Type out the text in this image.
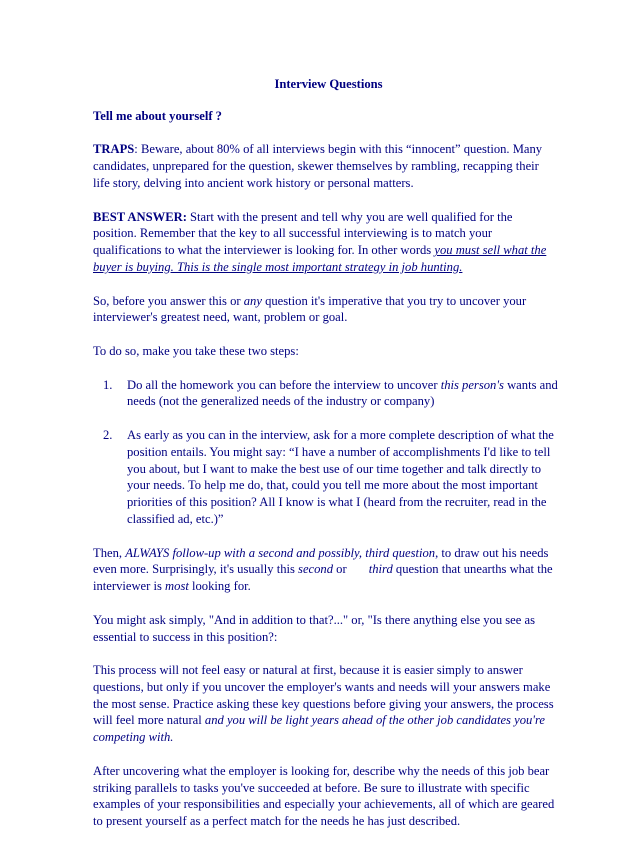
Interview Questions

Tell me about yourself ?

TRAPS: Beware, about 80% of all interviews begin with this “innocent” question. Many candidates, unprepared for the question, skewer themselves by rambling, recapping their life story, delving into ancient work history or personal matters.

BEST ANSWER: Start with the present and tell why you are well qualified for the position. Remember that the key to all successful interviewing is to match your qualifications to what the interviewer is looking for. In other words you must sell what the buyer is buying. This is the single most important strategy in job hunting.

So, before you answer this or any question it's imperative that you try to uncover your interviewer's greatest need, want, problem or goal.

To do so, make you take these two steps:

1. Do all the homework you can before the interview to uncover this person's wants and needs (not the generalized needs of the industry or company)
2. As early as you can in the interview, ask for a more complete description of what the position entails. You might say: “I have a number of accomplishments I'd like to tell you about, but I want to make the best use of our time together and talk directly to your needs. To help me do, that, could you tell me more about the most important priorities of this position? All I know is what I (heard from the recruiter, read in the classified ad, etc.)”

Then, ALWAYS follow-up with a second and possibly, third question, to draw out his needs even more. Surprisingly, it's usually this second or       third question that unearths what the interviewer is most looking for.

You might ask simply, "And in addition to that?..." or, "Is there anything else you see as essential to success in this position?:

This process will not feel easy or natural at first, because it is easier simply to answer questions, but only if you uncover the employer's wants and needs will your answers make the most sense. Practice asking these key questions before giving your answers, the process will feel more natural and you will be light years ahead of the other job candidates you're competing with.

After uncovering what the employer is looking for, describe why the needs of this job bear striking parallels to tasks you've succeeded at before. Be sure to illustrate with specific examples of your responsibilities and especially your achievements, all of which are geared to present yourself as a perfect match for the needs he has just described.
